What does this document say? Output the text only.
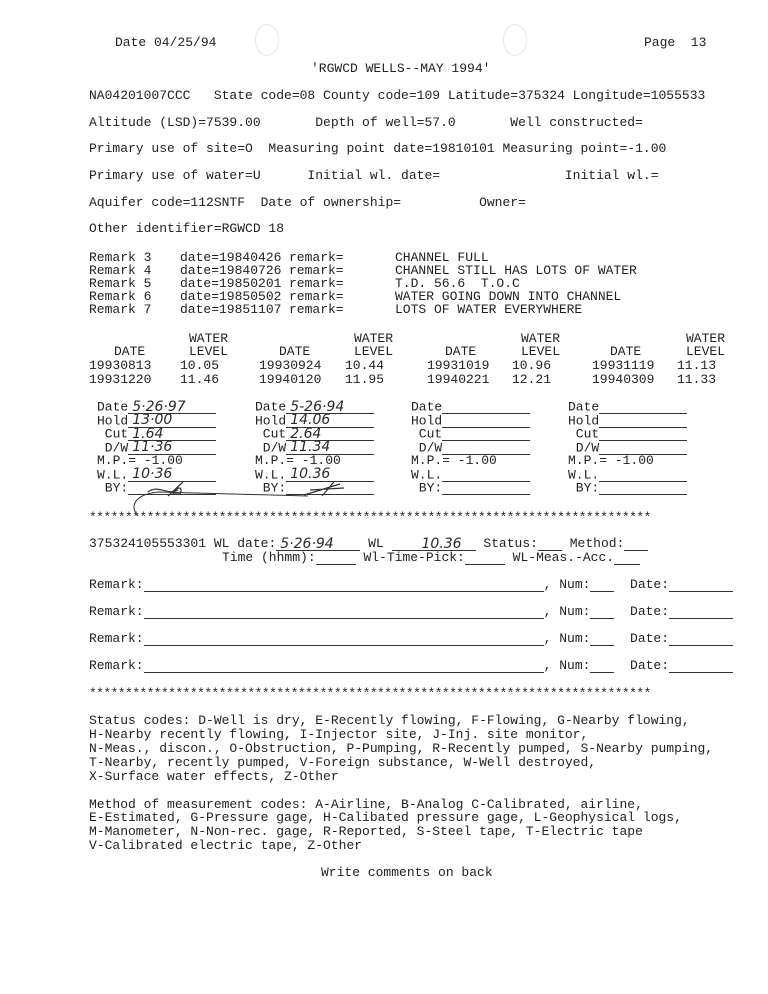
Date 04/25/94	Page  13
'RGWCD WELLS--MAY 1994'
NA04201007CCC   State code=08 County code=109 Latitude=375324 Longitude=1055533
Altitude (LSD)=7539.00       Depth of well=57.0       Well constructed=
Primary use of site=O  Measuring point date=19810101 Measuring point=-1.00
Primary use of water=U      Initial wl. date=                Initial wl.=
Aquifer code=112SNTF  Date of ownership=          Owner=
Other identifier=RGWCD 18
Remark 3 date=19840426 remark=	CHANNEL FULL
Remark 4 date=19840726 remark=	CHANNEL STILL HAS LOTS OF WATER
Remark 5 date=19850201 remark=	T.D. 56.6  T.O.C
Remark 6 date=19850502 remark=	WATER GOING DOWN INTO CHANNEL
Remark 7 date=19851107 remark=	LOTS OF WATER EVERYWHERE
WATER	WATER	WATER	WATER
DATE	LEVEL	DATE	LEVEL	DATE	LEVEL	DATE	LEVEL
19930813 10.05	19930924 10.44	19931019 10.96	19931119 11.13
19931220 11.46	19940120 11.95	19940221 12.21	19940309 11.33
Date 5·26·97
Hold 13·00
Cut 1.64
D/W 11·36
M.P.= -1.00
W.L. 10·36
BY:

Date 5-26·94
Hold 14.06
Cut 2.64
D/W 11.34
M.P.= -1.00
W.L. 10.36
BY:

Date
Hold
Cut
D/W
M.P.= -1.00
W.L.
BY:
Date
Hold
Cut
D/W
M.P.= -1.00
W.L.
BY:
******************************************************************************
375324105553301 WL date: 5·26·94	WL	10.36 Status: Method:
Time (hhmm):	Wl-Time-Pick:	WL-Meas.-Acc.
Remark:	, Num:	Date:
Remark:	, Num:	Date:
Remark:	, Num:	Date:
Remark:	, Num:	Date:
******************************************************************************
Status codes: D-Well is dry, E-Recently flowing, F-Flowing, G-Nearby flowing,
H-Nearby recently flowing, I-Injector site, J-Inj. site monitor,
N-Meas., discon., O-Obstruction, P-Pumping, R-Recently pumped, S-Nearby pumping,
T-Nearby, recently pumped, V-Foreign substance, W-Well destroyed,
X-Surface water effects, Z-Other
Method of measurement codes: A-Airline, B-Analog C-Calibrated, airline,
E-Estimated, G-Pressure gage, H-Calibated pressure gage, L-Geophysical logs,
M-Manometer, N-Non-rec. gage, R-Reported, S-Steel tape, T-Electric tape
V-Calibrated electric tape, Z-Other
Write comments on back
